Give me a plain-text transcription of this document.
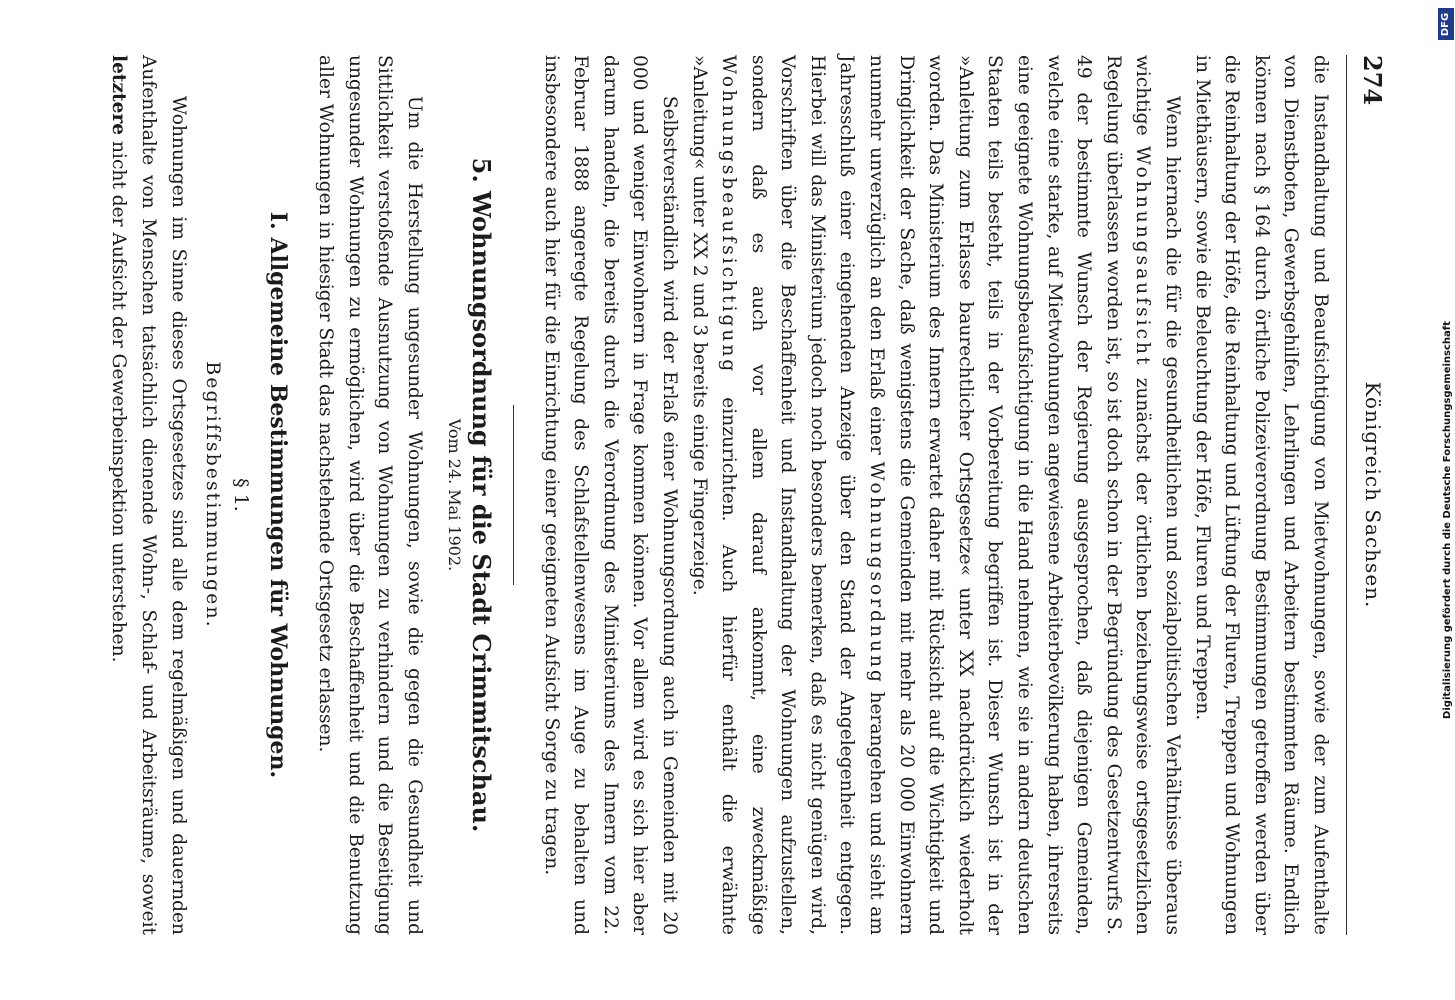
274
Königreich Sachsen.

die Instandhaltung und Beaufsichtigung von Mietwohnungen, sowie der zum Aufenthalte von Dienstboten, Gewerbsgehilfen, Lehrlingen und Arbeitern bestimmten Räume. Endlich können nach § 164 durch örtliche Polizeiverordnung Bestimmungen getroffen werden über die Reinhaltung der Höfe, die Reinhaltung und Lüftung der Fluren, Treppen und Wohnungen in Miethäusern, sowie die Beleuchtung der Höfe, Fluren und Treppen.

Wenn hiernach die für die gesundheitlichen und sozialpolitischen Verhältnisse überaus wichtige Wohnungsaufsicht zunächst der örtlichen beziehungsweise ortsgesetzlichen Regelung überlassen worden ist, so ist doch schon in der Begründung des Gesetzentwurfs S. 49 der bestimmte Wunsch der Regierung ausgesprochen, daß diejenigen Gemeinden, welche eine starke, auf Mietwohnungen angewiesene Arbeiterbevölkerung haben, ihrerseits eine geeignete Wohnungsbeaufsichtigung in die Hand nehmen, wie sie in andern deutschen Staaten teils besteht, teils in der Vorbereitung begriffen ist. Dieser Wunsch ist in der »Anleitung zum Erlasse baurechtlicher Ortsgesetze« unter XX nachdrücklich wiederholt worden. Das Ministerium des Innern erwartet daher mit Rücksicht auf die Wichtigkeit und Dringlichkeit der Sache, daß wenigstens die Gemeinden mit mehr als 20 000 Einwohnern nunmehr unverzüglich an den Erlaß einer Wohnungsordnung herangehen und sieht am Jahresschluß einer eingehenden Anzeige über den Stand der Angelegenheit entgegen. Hierbei will das Ministerium jedoch noch besonders bemerken, daß es nicht genügen wird, Vorschriften über die Beschaffenheit und Instandhaltung der Wohnungen aufzustellen, sondern daß es auch vor allem darauf ankommt, eine zweckmäßige Wohnungsbeaufsichtigung einzurichten. Auch hierfür enthält die erwähnte »Anleitung« unter XX 2 und 3 bereits einige Fingerzeige.

Selbstverständlich wird der Erlaß einer Wohnungsordnung auch in Gemeinden mit 20 000 und weniger Einwohnern in Frage kommen können. Vor allem wird es sich hier aber darum handeln, die bereits durch die Verordnung des Ministeriums des Innern vom 22. Februar 1888 angeregte Regelung des Schlafstellenwesens im Auge zu behalten und insbesondere auch hier für die Einrichtung einer geeigneten Aufsicht Sorge zu tragen.

5. Wohnungsordnung für die Stadt Crimmitschau.
Vom 24. Mai 1902.

Um die Herstellung ungesunder Wohnungen, sowie die gegen die Gesundheit und Sittlichkeit verstoßende Ausnutzung von Wohnungen zu verhindern und die Beseitigung ungesunder Wohnungen zu ermöglichen, wird über die Beschaffenheit und die Benutzung aller Wohnungen in hiesiger Stadt das nachstehende Ortsgesetz erlassen.

I. Allgemeine Bestimmungen für Wohnungen.
§ 1.
Begriffsbestimmungen.

Wohnungen im Sinne dieses Ortsgesetzes sind alle dem regelmäßigen und dauernden Aufenthalte von Menschen tatsächlich dienende Wohn-, Schlaf- und Arbeitsräume, soweit letztere nicht der Aufsicht der Gewerbeinspektion unterstehen.	Digitalisierung gefördert durch die Deutsche Forschungsgemeinschaft
DFG
